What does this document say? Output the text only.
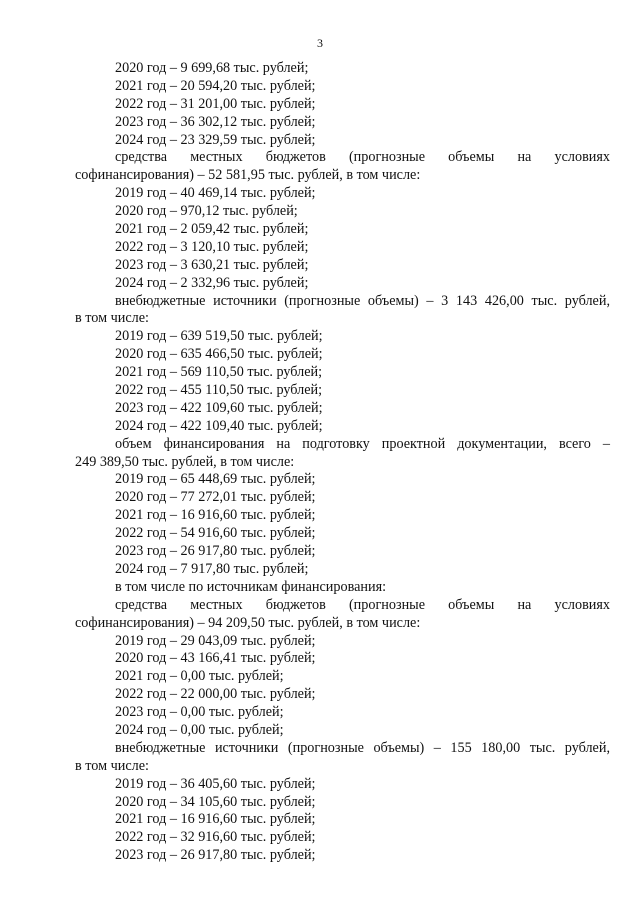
3
2020 год – 9 699,68 тыс. рублей;
2021 год – 20 594,20 тыс. рублей;
2022 год – 31 201,00 тыс. рублей;
2023 год – 36 302,12 тыс. рублей;
2024 год – 23 329,59 тыс. рублей;
средства местных бюджетов (прогнозные объемы на условиях
софинансирования) – 52 581,95 тыс. рублей, в том числе:
2019 год – 40 469,14 тыс. рублей;
2020 год – 970,12 тыс. рублей;
2021 год – 2 059,42 тыс. рублей;
2022 год – 3 120,10 тыс. рублей;
2023 год – 3 630,21 тыс. рублей;
2024 год – 2 332,96 тыс. рублей;
внебюджетные источники (прогнозные объемы) – 3 143 426,00 тыс. рублей,
в том числе:
2019 год – 639 519,50 тыс. рублей;
2020 год – 635 466,50 тыс. рублей;
2021 год – 569 110,50 тыс. рублей;
2022 год – 455 110,50 тыс. рублей;
2023 год – 422 109,60 тыс. рублей;
2024 год – 422 109,40 тыс. рублей;
объем финансирования на подготовку проектной документации, всего –
249 389,50 тыс. рублей, в том числе:
2019 год – 65 448,69 тыс. рублей;
2020 год – 77 272,01 тыс. рублей;
2021 год – 16 916,60 тыс. рублей;
2022 год – 54 916,60 тыс. рублей;
2023 год – 26 917,80 тыс. рублей;
2024 год – 7 917,80 тыс. рублей;
в том числе по источникам финансирования:
средства местных бюджетов (прогнозные объемы на условиях
софинансирования) – 94 209,50 тыс. рублей, в том числе:
2019 год – 29 043,09 тыс. рублей;
2020 год – 43 166,41 тыс. рублей;
2021 год – 0,00 тыс. рублей;
2022 год – 22 000,00 тыс. рублей;
2023 год – 0,00 тыс. рублей;
2024 год – 0,00 тыс. рублей;
внебюджетные источники (прогнозные объемы) – 155 180,00 тыс. рублей,
в том числе:
2019 год – 36 405,60 тыс. рублей;
2020 год – 34 105,60 тыс. рублей;
2021 год – 16 916,60 тыс. рублей;
2022 год – 32 916,60 тыс. рублей;
2023 год – 26 917,80 тыс. рублей;
